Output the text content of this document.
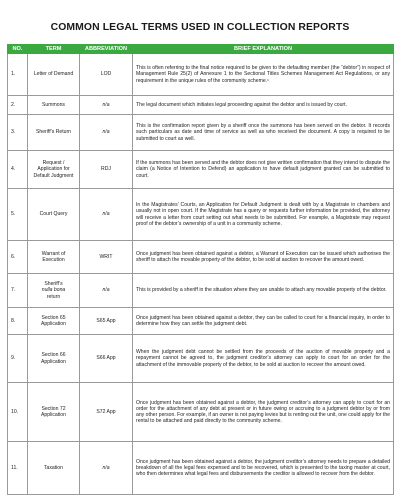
COMMON LEGAL TERMS USED IN COLLECTION REPORTS
NO.	TERM	ABBREVIATION	BRIEF EXPLANATION
1.	Letter of Demand	LOD	This is often referring to the final notice required to be given to the defaulting member (the “debtor”) in respect of Management Rule 25(2) of Annexure 1 to the Sectional Titles Schemes Management Act Regulations, or any requirement in the unique rules of the community scheme.¹
2.	Summons	n/a	The legal document which initiates legal proceeding against the debtor and is issued by court.
3.	Sheriff’s Return	n/a	This is the confirmation report given by a sheriff once the summons has been served on the debtor. It records such particulars as date and time of service as well as who received the document. A copy is required to be submitted to court as well.
4.	Request / Application for Default Judgment	RDJ	If the summons has been served and the debtor does not give written confirmation that they intend to dispute the claim (a Notice of Intention to Defend) an application to have default judgment granted can be submitted to court.
5.	Court Query	n/a	In the Magistrates’ Courts, an Application for Default Judgment is dealt with by a Magistrate in chambers and usually not in open court. If the Magistrate has a query or requests further information be provided, the attorney will receive a letter from court setting out what needs to be submitted. For example, a Magistrate may request proof of the debtor’s ownership of a unit in a community scheme.
6.	Warrant of Execution	WRIT	Once judgment has been obtained against a debtor, a Warrant of Execution can be issued which authorises the sheriff to attach the movable property of the debtor, to be sold at auction to recover the amount owed.
7.	Sheriff’s
nulla bona
return	n/a	This is provided by a sheriff in the situation where they are unable to attach any movable property of the debtor.
8.	Section 65 Application	S65 App	Once judgment has been obtained against a debtor, they can be called to court for a financial inquiry, in order to determine how they can settle the judgment debt.
9.	Section 66 Application	S66 App	When the judgment debt cannot be settled from the proceeds of the auction of movable property and a repayment cannot be agreed to, the judgment creditor’s attorney can apply to court for an order for the attachment of the immovable property of the debtor, to be sold at auction to recover the amount owed.
10.	Section 72 Application	S72 App	Once judgment has been obtained against a debtor, the judgment creditor’s attorney can apply to court for an order for the attachment of any debt at present or in future owing or accruing to a judgment debtor by or from any other person. For example, if an owner is not paying levies but is renting out the unit, one could apply for the rental to be attached and paid directly to the community scheme.
11.	Taxation	n/a	Once judgment has been obtained against a debtor, the judgment creditor’s attorney needs to prepare a detailed breakdown of all the legal fees expensed and to be recovered, which is presented to the taxing master at court, who then determines what legal fees and disbursements the creditor is allowed to recover from the debtor.
